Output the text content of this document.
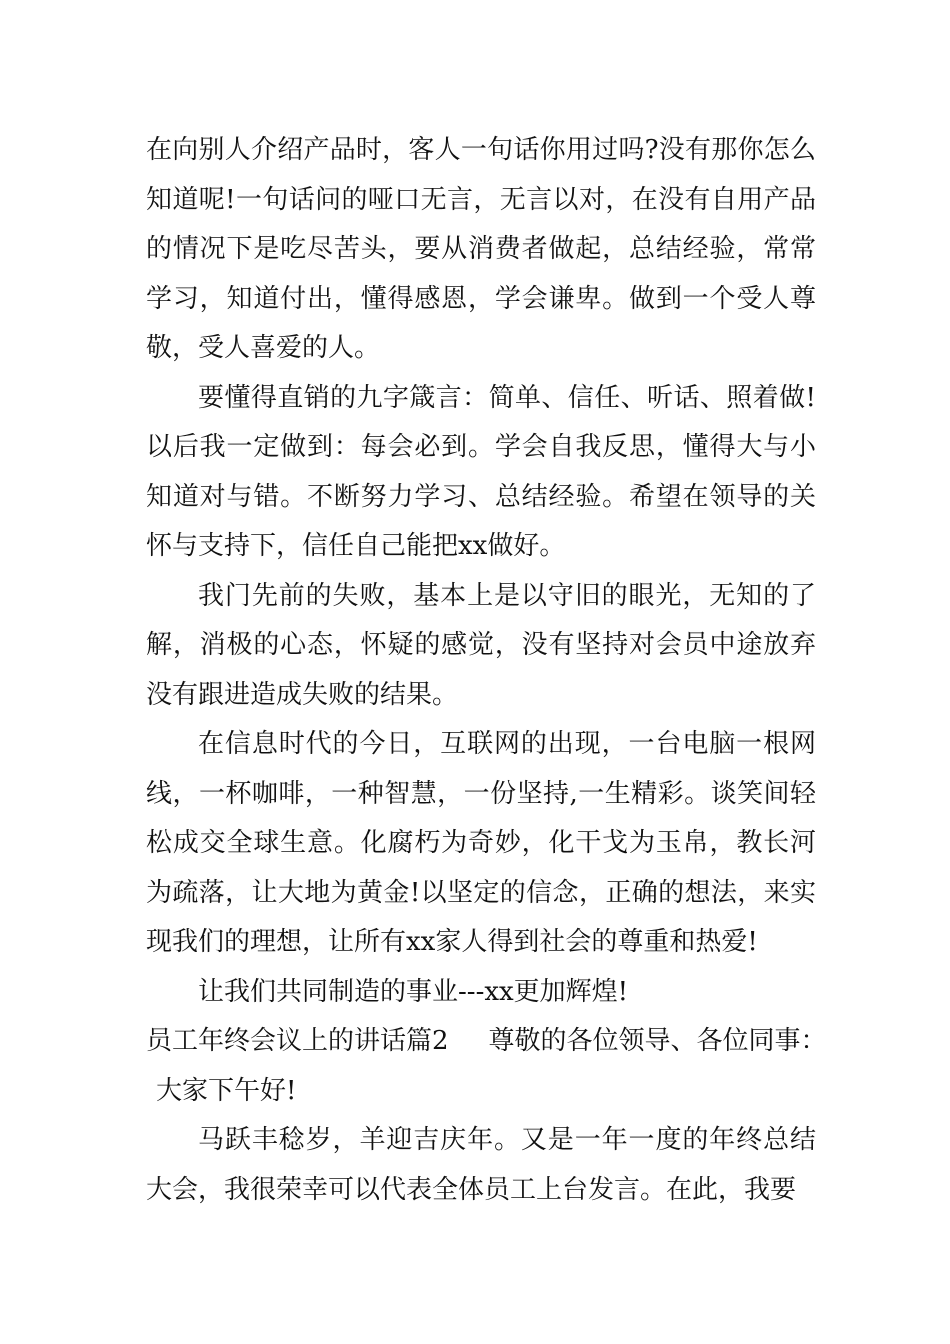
在向别人介绍产品时，客人一句话你用过吗?没有那你怎么知道呢!一句话问的哑口无言，无言以对，在没有自用产品的情况下是吃尽苦头，要从消费者做起，总结经验，常常学习，知道付出，懂得感恩，学会谦卑。做到一个受人尊敬，受人喜爱的人。

要懂得直销的九字箴言：简单、信任、听话、照着做!以后我一定做到：每会必到。学会自我反思，懂得大与小知道对与错。不断努力学习、总结经验。希望在领导的关怀与支持下，信任自己能把xx做好。

我门先前的失败，基本上是以守旧的眼光，无知的了解，消极的心态，怀疑的感觉，没有坚持对会员中途放弃没有跟进造成失败的结果。

在信息时代的今日，互联网的出现，一台电脑一根网线，一杯咖啡，一种智慧，一份坚持,一生精彩。谈笑间轻松成交全球生意。化腐朽为奇妙，化干戈为玉帛，教长河为疏落，让大地为黄金!以坚定的信念，正确的想法，来实现我们的理想，让所有xx家人得到社会的尊重和热爱!

让我们共同制造的事业---xx更加辉煌!

员工年终会议上的讲话篇2 尊敬的各位领导、各位同事：

大家下午好!

马跃丰稔岁，羊迎吉庆年。又是一年一度的年终总结大会，我很荣幸可以代表全体员工上台发言。在此，我要
